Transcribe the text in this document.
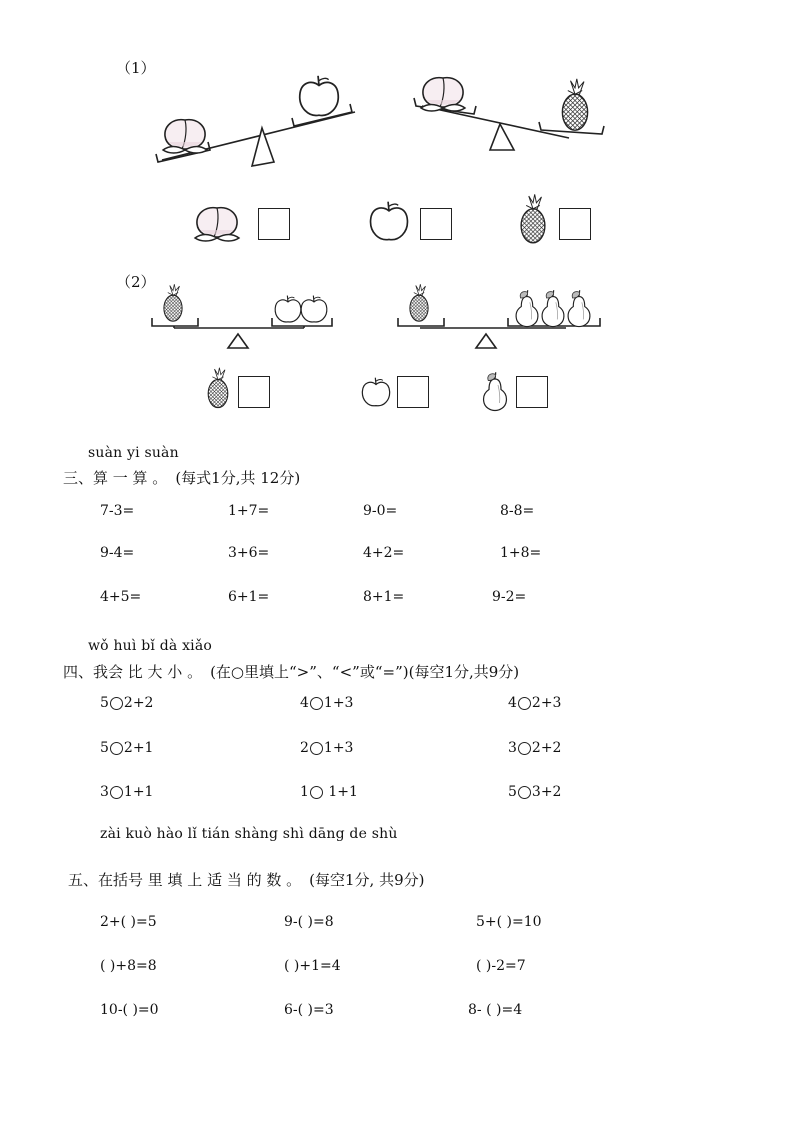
（1）
（2）
suàn yi suàn
三、算 一 算 。 (每式1分,共 12分)
7-3=	1+7=	9-0=	8-8=
9-4=	3+6=	4+2=	1+8=
4+5=	6+1=	8+1=	9-2=
wǒ huì bǐ dà xiǎo
四、我会 比 大 小 。 (在○里填上“>”、“<”或“=”)(每空1分,共9分)
5 2+2	4 1+3	4 2+3
5 2+1	2 1+3	3 2+2
3 1+1	1 1+1	5 3+2
zài kuò hào lǐ tián shàng shì dāng de shù
五、在括号 里 填 上 适 当 的 数 。 (每空1分, 共9分)
2+( )=5	9-( )=8	5+( )=10
( )+8=8	( )+1=4	( )-2=7
10-( )=0	6-( )=3	8- ( )=4
